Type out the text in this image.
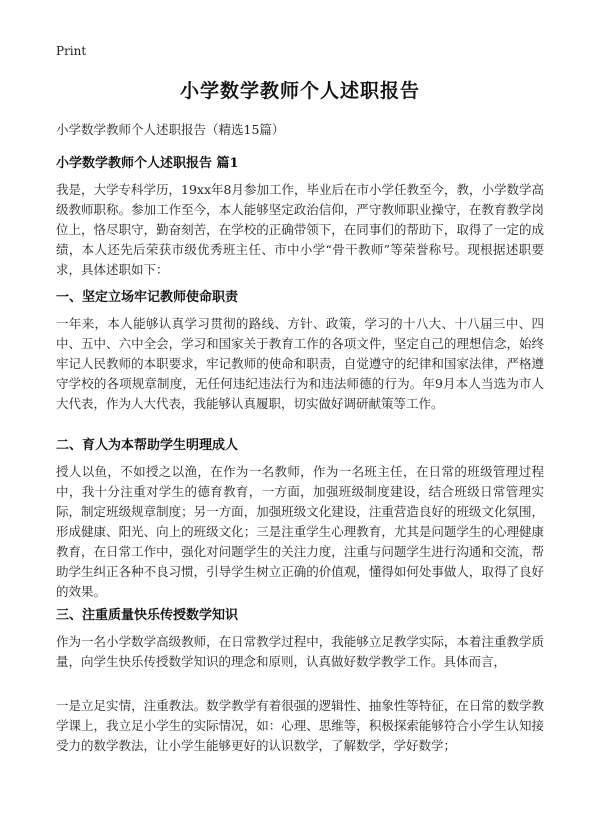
Print
小学数学教师个人述职报告
小学数学教师个人述职报告（精选15篇）
小学数学教师个人述职报告 篇1
我是，大学专科学历，19xx年8月参加工作，毕业后在市小学任教至今，教，小学数学高级教师职称。参加工作至今，本人能够坚定政治信仰，严守教师职业操守，在教育教学岗位上，恪尽职守，勤奋刻苦，在学校的正确带领下，在同事们的帮助下，取得了一定的成绩，本人还先后荣获市级优秀班主任、市中小学“骨干教师”等荣誉称号。现根据述职要求，具体述职如下：
一、坚定立场牢记教师使命职责
一年来，本人能够认真学习贯彻的路线、方针、政策，学习的十八大、十八届三中、四中、五中、六中全会，学习和国家关于教育工作的各项文件，坚定自己的理想信念，始终牢记人民教师的本职要求，牢记教师的使命和职责，自觉遵守的纪律和国家法律，严格遵守学校的各项规章制度，无任何违纪违法行为和违法师德的行为。年9月本人当选为市人大代表，作为人大代表，我能够认真履职，切实做好调研献策等工作。
二、育人为本帮助学生明理成人
授人以鱼，不如授之以渔，在作为一名教师，作为一名班主任，在日常的班级管理过程中，我十分注重对学生的德育教育，一方面，加强班级制度建设，结合班级日常管理实际，制定班级规章制度；另一方面，加强班级文化建设，注重营造良好的班级文化氛围，形成健康、阳光、向上的班级文化；三是注重学生心理教育，尤其是问题学生的心理健康教育，在日常工作中，强化对问题学生的关注力度，注重与问题学生进行沟通和交流，帮助学生纠正各种不良习惯，引导学生树立正确的价值观，懂得如何处事做人，取得了良好的效果。
三、注重质量快乐传授数学知识
作为一名小学数学高级教师，在日常教学过程中，我能够立足教学实际，本着注重教学质量，向学生快乐传授数学知识的理念和原则，认真做好数学教学工作。具体而言，
一是立足实情，注重教法。数学教学有着很强的逻辑性、抽象性等特征，在日常的数学教学课上，我立足小学生的实际情况，如：心理、思维等，积极探索能够符合小学生认知接受力的数学教法，让小学生能够更好的认识数学，了解数学，学好数学；
